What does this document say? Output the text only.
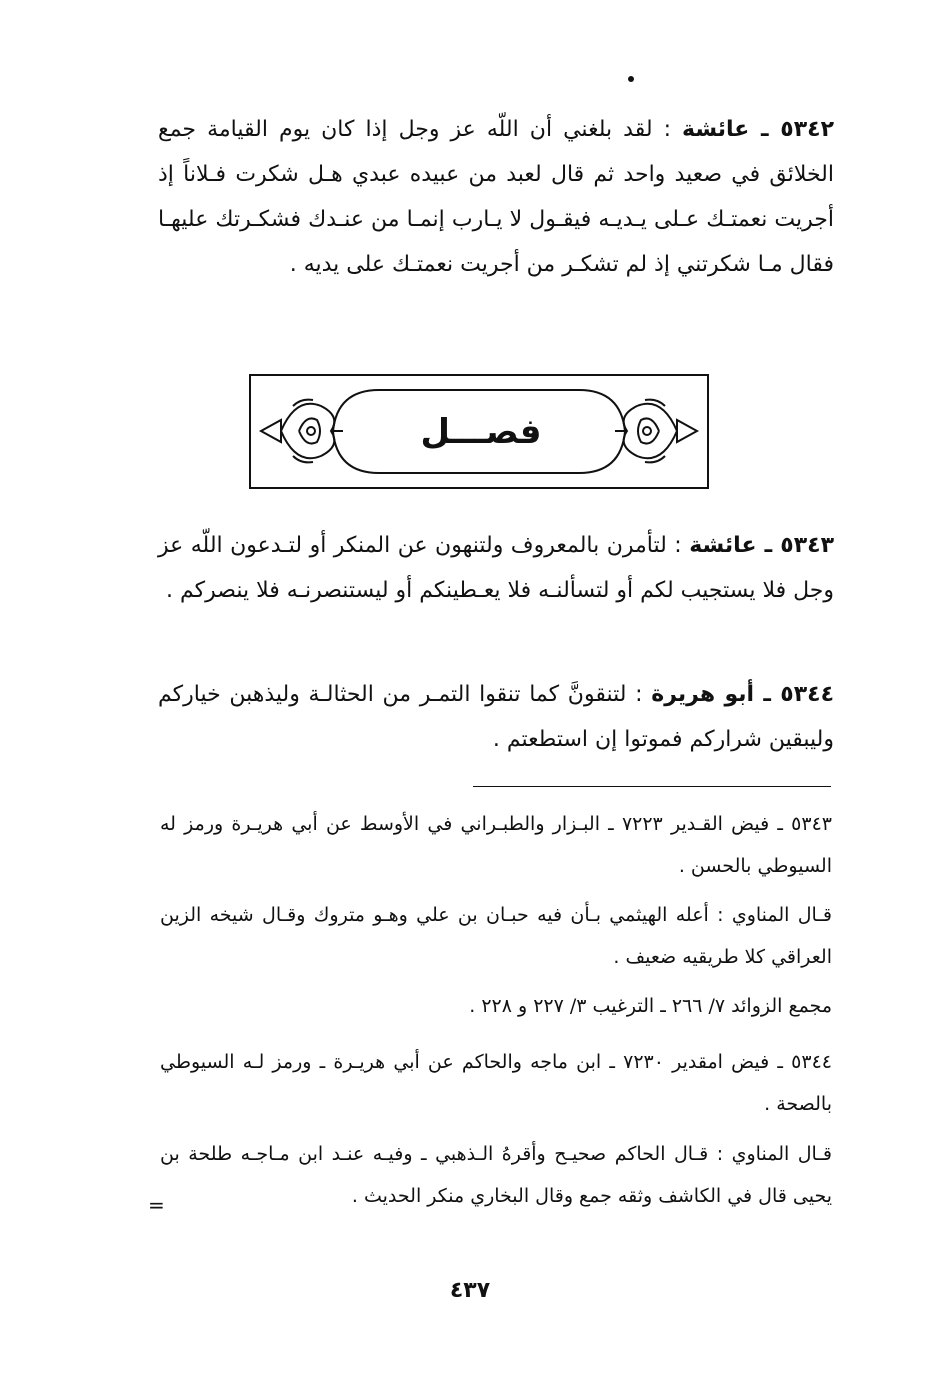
٥٣٤٢ ـ عائشة : لقد بلغني أن اللّه عز وجل إذا كان يوم القيامة جمع الخلائق في صعيد واحد ثم قال لعبد من عبيده عبدي هـل شكرت فـلاناً إذ أجريت نعمتـك عـلى يـديـه فيقـول لا يـارب إنمـا من عنـدك فشكـرتك عليهـا فقال مـا شكرتني إذ لم تشكـر من أجريت نعمتـك على يديه .
فصـــل
٥٣٤٣ ـ عائشة : لتأمرن بالمعروف ولتنهون عن المنكر أو لتـدعون اللّه عز وجل فلا يستجيب لكم أو لتسألنـه فلا يعـطينكم أو ليستنصرنـه فلا ينصركم .
٥٣٤٤ ـ أبو هريرة : لتنقونَّ كما تنقوا التمـر من الحثالـة وليذهبن خياركم وليبقين شراركم فموتوا إن استطعتم .
٥٣٤٣ ـ فيض القـدير ٧٢٢٣ ـ البـزار والطبـراني في الأوسط عن أبي هريـرة ورمز له السيوطي بالحسن .
قـال المناوي : أعله الهيثمي بـأن فيه حبـان بن علي وهـو متروك وقـال شيخه الزين العراقي كلا طريقيه ضعيف .
مجمع الزوائد ٧/ ٢٦٦ ـ الترغيب ٣/ ٢٢٧ و ٢٢٨ .
٥٣٤٤ ـ فيض امقدير ٧٢٣٠ ـ ابن ماجه والحاكم عن أبي هريـرة ـ ورمز لـه السيوطي بالصحة .
قـال المناوي : قـال الحاكم صحيـح وأقرهُ الـذهبي ـ وفيـه عنـد ابن مـاجـه طلحة بن يحيى قال في الكاشف وثقه جمع وقال البخاري منكر الحديث .
=
٤٣٧
